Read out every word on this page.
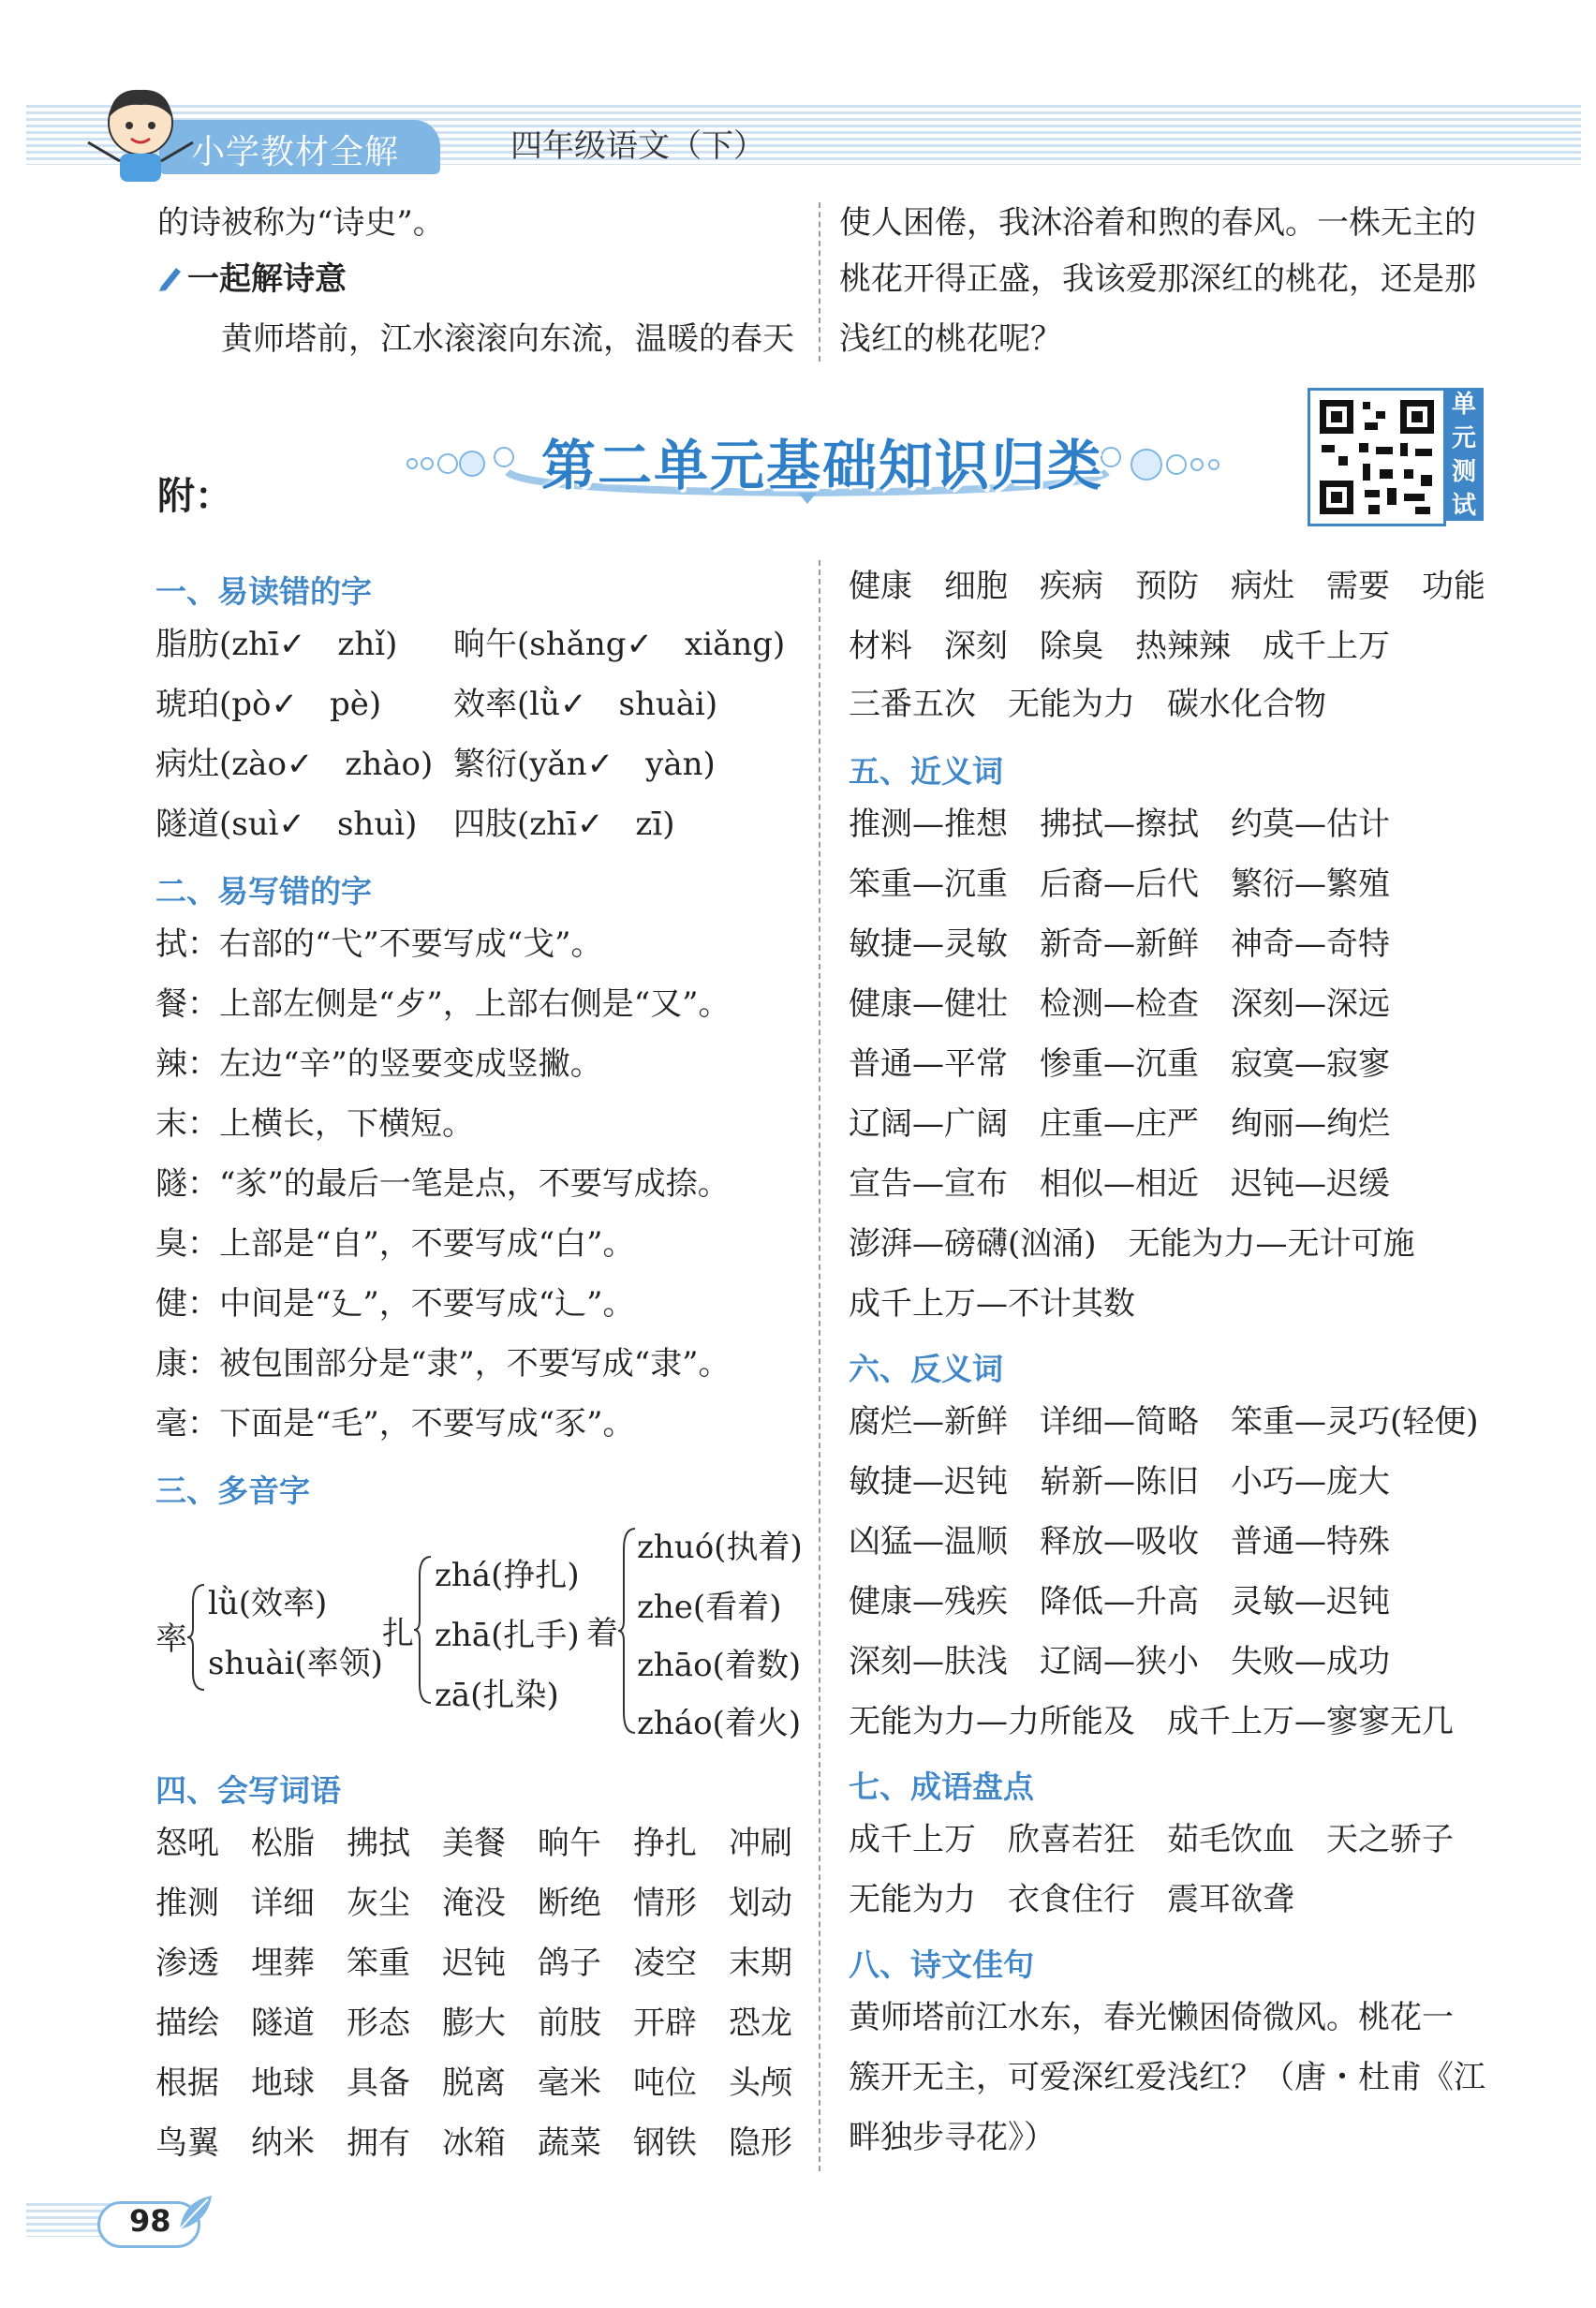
小学教材全解	四年级语文（下）
的诗被称为“诗史”。
一起解诗意
黄师塔前，江水滚滚向东流，温暖的春天
使人困倦，我沐浴着和煦的春风。一株无主的
桃花开得正盛，我该爱那深红的桃花，还是那
浅红的桃花呢？
附：	第二单元基础知识归类
单
元
测
试
一、易读错的字
脂肪(zhī✓　zhǐ) 晌午(shǎng✓　xiǎng)
琥珀(pò✓　pè) 效率(lǜ✓　shuài)
病灶(zào✓　zhào) 繁衍(yǎn✓　yàn)
隧道(suì✓　shuì) 四肢(zhī✓　zī)
二、易写错的字
拭：右部的“弋”不要写成“戈”。
餐：上部左侧是“歺”，上部右侧是“又”。
辣：左边“辛”的竖要变成竖撇。
末：上横长，下横短。
隧：“㒸”的最后一笔是点，不要写成捺。
臭：上部是“自”，不要写成“白”。
健：中间是“廴”，不要写成“辶”。
康：被包围部分是“隶”，不要写成“隶”。
毫：下面是“毛”，不要写成“豕”。
三、多音字
率
lǜ(效率)
shuài(率领)
扎
zhá(挣扎)
zhā(扎手)
zā(扎染)
着
zhuó(执着)
zhe(看着)
zhāo(着数)
zháo(着火)
四、会写词语
怒吼	松脂	拂拭	美餐	晌午	挣扎	冲刷
推测	详细	灰尘	淹没	断绝	情形	划动
渗透	埋葬	笨重	迟钝	鸽子	凌空	末期
描绘	隧道	形态	膨大	前肢	开辟	恐龙
根据	地球	具备	脱离	毫米	吨位	头颅
鸟翼	纳米	拥有	冰箱	蔬菜	钢铁	隐形
健康　细胞　疾病　预防　病灶　需要　功能
材料　深刻　除臭　热辣辣　成千上万
三番五次　无能为力　碳水化合物
五、近义词
推测—推想　拂拭—擦拭　约莫—估计
笨重—沉重　后裔—后代　繁衍—繁殖
敏捷—灵敏　新奇—新鲜　神奇—奇特
健康—健壮　检测—检查　深刻—深远
普通—平常　惨重—沉重　寂寞—寂寥
辽阔—广阔　庄重—庄严　绚丽—绚烂
宣告—宣布　相似—相近　迟钝—迟缓
澎湃—磅礴(汹涌)　无能为力—无计可施
成千上万—不计其数
六、反义词
腐烂—新鲜　详细—简略　笨重—灵巧(轻便)
敏捷—迟钝　崭新—陈旧　小巧—庞大
凶猛—温顺　释放—吸收　普通—特殊
健康—残疾　降低—升高　灵敏—迟钝
深刻—肤浅　辽阔—狭小　失败—成功
无能为力—力所能及　成千上万—寥寥无几
七、成语盘点
成千上万　欣喜若狂　茹毛饮血　天之骄子
无能为力　衣食住行　震耳欲聋
八、诗文佳句
黄师塔前江水东，春光懒困倚微风。桃花一
簇开无主，可爱深红爱浅红？（唐・杜甫《江
畔独步寻花》）
98
